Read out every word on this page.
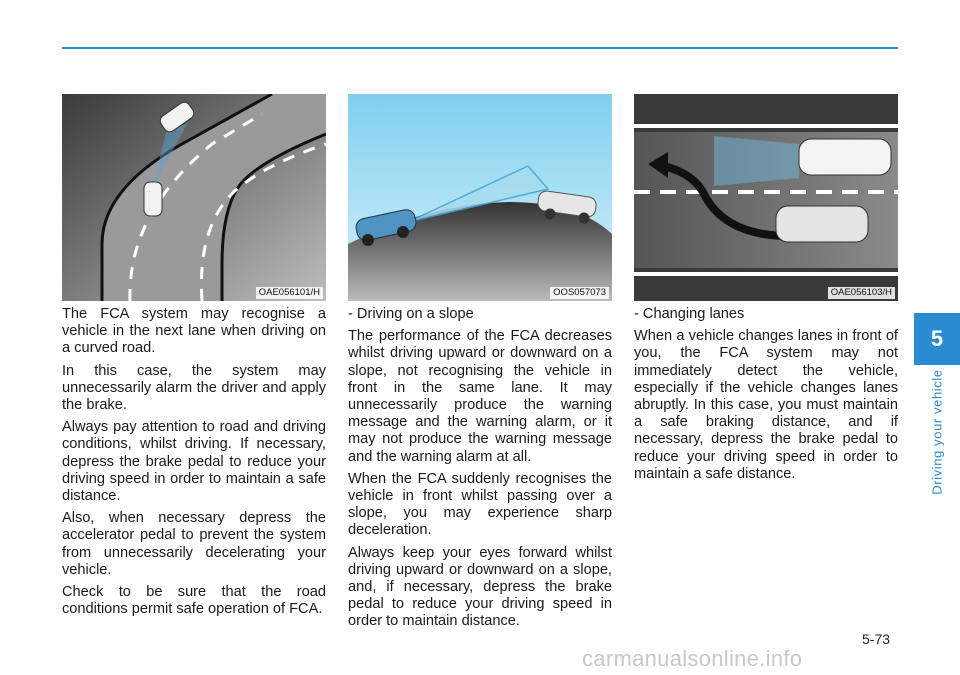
OAE056101/H	OOS057073	OAE056103/H

The FCA system may recognise a vehicle in the next lane when driving on a curved road.

In this case, the system may unnecessarily alarm the driver and apply the brake.

Always pay attention to road and driving conditions, whilst driving. If necessary, depress the brake pedal to reduce your driving speed in order to maintain a safe distance.

Also, when necessary depress the accelerator pedal to prevent the system from unnecessarily decelerating your vehicle.

Check to be sure that the road conditions permit safe operation of FCA.

- Driving on a slope

The performance of the FCA decreases whilst driving upward or downward on a slope, not recognising the vehicle in front in the same lane. It may unnecessarily produce the warning message and the warning alarm, or it may not produce the warning message and the warning alarm at all.

When the FCA suddenly recognises the vehicle in front whilst passing over a slope, you may experience sharp deceleration.

Always keep your eyes forward whilst driving upward or downward on a slope, and, if necessary, depress the brake pedal to reduce your driving speed in order to maintain distance.

- Changing lanes

When a vehicle changes lanes in front of you, the FCA system may not immediately detect the vehicle, especially if the vehicle changes lanes abruptly. In this case, you must maintain a safe braking distance, and if necessary, depress the brake pedal to reduce your driving speed in order to maintain a safe distance.

5
Driving your vehicle
5-73
carmanualsonline.info
